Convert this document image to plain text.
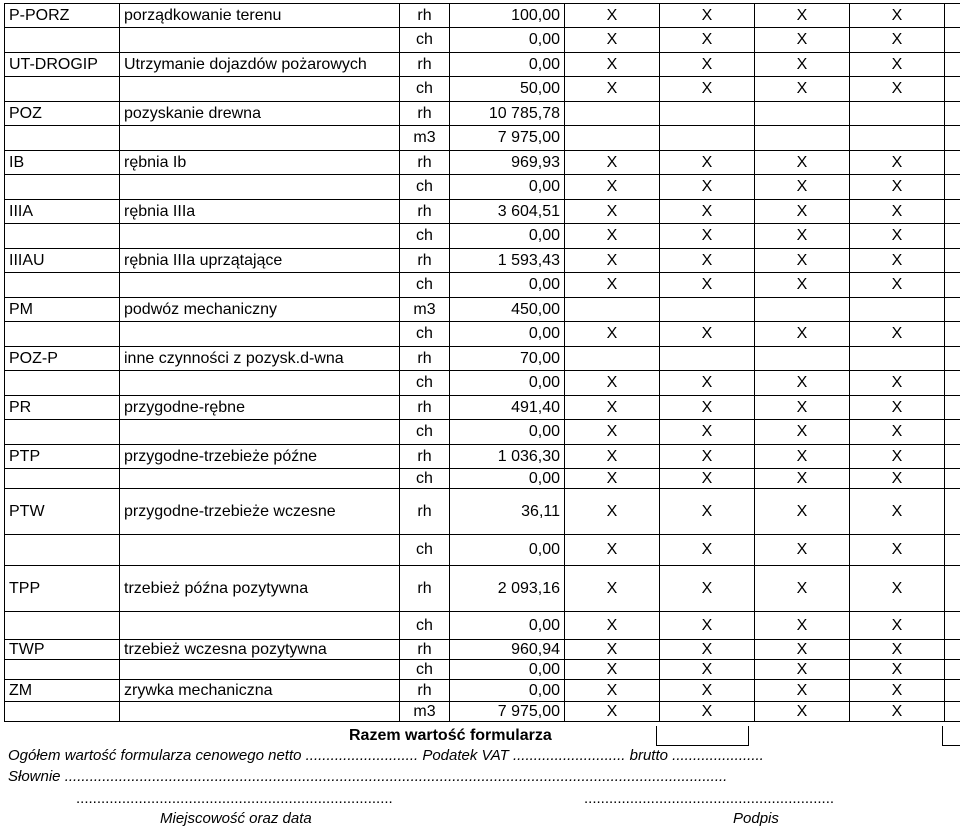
P-PORZ	porządkowanie terenu	rh	100,00	X	X	X	X	
		ch	0,00	X	X	X	X	
UT-DROGIP	Utrzymanie dojazdów pożarowych	rh	0,00	X	X	X	X	
		ch	50,00	X	X	X	X	
POZ	pozyskanie drewna	rh	10 785,78					
		m3	7 975,00					
IB	rębnia Ib	rh	969,93	X	X	X	X	
		ch	0,00	X	X	X	X	
IIIA	rębnia IIIa	rh	3 604,51	X	X	X	X	
		ch	0,00	X	X	X	X	
IIIAU	rębnia IIIa uprzątające	rh	1 593,43	X	X	X	X	
		ch	0,00	X	X	X	X	
PM	podwóz mechaniczny	m3	450,00					
		ch	0,00	X	X	X	X	
POZ-P	inne czynności z pozysk.d-wna	rh	70,00					
		ch	0,00	X	X	X	X	
PR	przygodne-rębne	rh	491,40	X	X	X	X	
		ch	0,00	X	X	X	X	
PTP	przygodne-trzebieże późne	rh	1 036,30	X	X	X	X	
		ch	0,00	X	X	X	X	
PTW	przygodne-trzebieże wczesne	rh	36,11	X	X	X	X	
		ch	0,00	X	X	X	X	
TPP	trzebież późna pozytywna	rh	2 093,16	X	X	X	X	
		ch	0,00	X	X	X	X	
TWP	trzebież wczesna pozytywna	rh	960,94	X	X	X	X	
		ch	0,00	X	X	X	X	
ZM	zrywka mechaniczna	rh	0,00	X	X	X	X	
		m3	7 975,00	X	X	X	X	
Razem wartość formularza
Ogółem wartość formularza cenowego netto ........................... Podatek VAT ........................... brutto ......................
Słownie ...............................................................................................................................................................
............................................................................	............................................................
Miejscowość oraz data	Podpis
